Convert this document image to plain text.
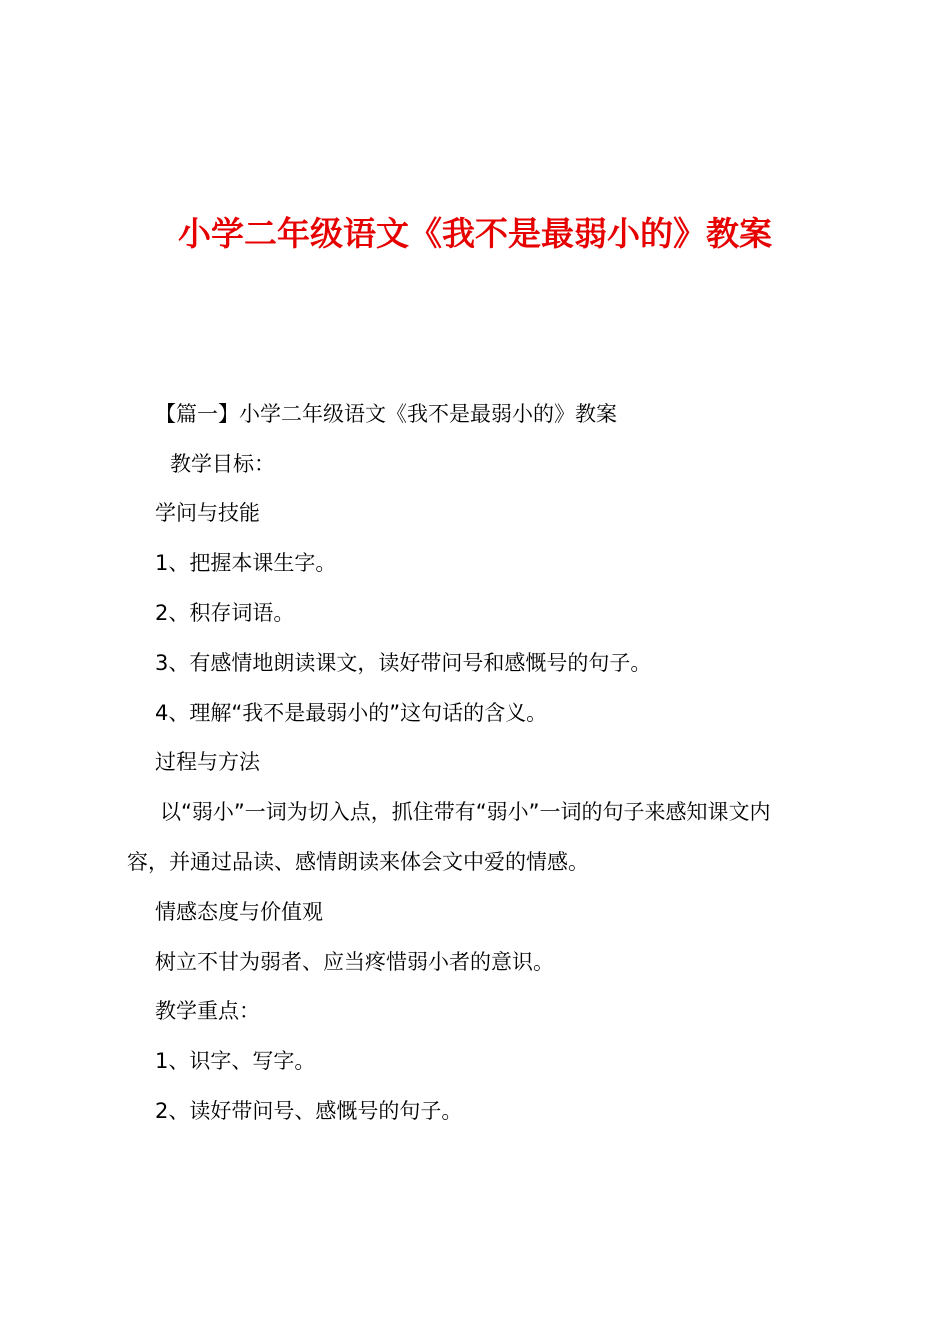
小学二年级语文《我不是最弱小的》教案
【篇一】小学二年级语文《我不是最弱小的》教案
教学目标：
学问与技能
1、把握本课生字。
2、积存词语。
3、有感情地朗读课文，读好带问号和感慨号的句子。
4、理解“我不是最弱小的”这句话的含义。
过程与方法
以“弱小”一词为切入点，抓住带有“弱小”一词的句子来感知课文内
容，并通过品读、感情朗读来体会文中爱的情感。
情感态度与价值观
树立不甘为弱者、应当疼惜弱小者的意识。
教学重点：
1、识字、写字。
2、读好带问号、感慨号的句子。
